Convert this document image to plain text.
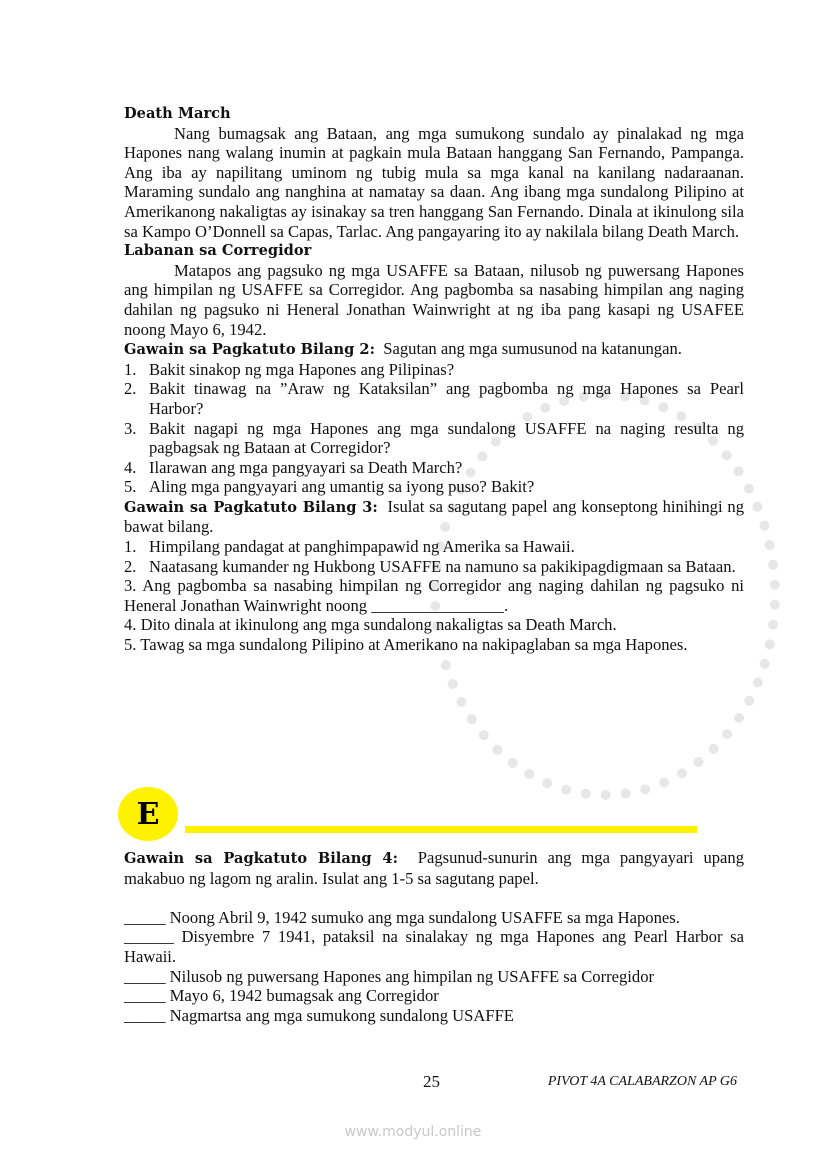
Death March

Nang bumagsak ang Bataan, ang mga sumukong sundalo ay pinalakad ng mga Hapones nang walang inumin at pagkain mula Bataan hanggang San Fernando, Pampanga. Ang iba ay napilitang uminom ng tubig mula sa mga kanal na kanilang nadaraanan. Maraming sundalo ang nanghina at namatay sa daan. Ang ibang mga sundalong Pilipino at Amerikanong nakaligtas ay isinakay sa tren hanggang San Fernando. Dinala at ikinulong sila sa Kampo O’Donnell sa Capas, Tarlac. Ang pangayaring ito ay nakilala bilang Death March.

Labanan sa Corregidor

Matapos ang pagsuko ng mga USAFFE sa Bataan, nilusob ng puwersang Hapones ang himpilan ng USAFFE sa Corregidor. Ang pagbomba sa nasabing himpilan ang naging dahilan ng pagsuko ni Heneral Jonathan Wainwright at ng iba pang kasapi ng USAFEE noong Mayo 6, 1942.

Gawain sa Pagkatuto Bilang 2: Sagutan ang mga sumusunod na katanungan.

1. Bakit sinakop ng mga Hapones ang Pilipinas?
2. Bakit tinawag na ”Araw ng Kataksilan” ang pagbomba ng mga Hapones sa Pearl Harbor?
3. Bakit nagapi ng mga Hapones ang mga sundalong USAFFE na naging resulta ng pagbagsak ng Bataan at Corregidor?
4. Ilarawan ang mga pangyayari sa Death March?
5. Aling mga pangyayari ang umantig sa iyong puso? Bakit?

Gawain sa Pagkatuto Bilang 3: Isulat sa sagutang papel ang konseptong hinihingi ng bawat bilang.

1. Himpilang pandagat at panghimpapawid ng Amerika sa Hawaii.
2. Naatasang kumander ng Hukbong USAFFE na namuno sa pakikipagdigmaan sa Bataan.

3. Ang pagbomba sa nasabing himpilan ng Corregidor ang naging dahilan ng pagsuko ni Heneral Jonathan Wainwright noong ________________.

4. Dito dinala at ikinulong ang mga sundalong nakaligtas sa Death March.

5. Tawag sa mga sundalong Pilipino at Amerikano na nakipaglaban sa mga Hapones.

E

Gawain sa Pagkatuto Bilang 4: Pagsunud-sunurin ang mga pangyayari upang makabuo ng lagom ng aralin. Isulat ang 1-5 sa sagutang papel.

_____ Noong Abril 9, 1942 sumuko ang mga sundalong USAFFE sa mga Hapones.

______ Disyembre 7 1941, pataksil na sinalakay ng mga Hapones ang Pearl Harbor sa Hawaii.

_____ Nilusob ng puwersang Hapones ang himpilan ng USAFFE sa Corregidor

_____ Mayo 6, 1942 bumagsak ang Corregidor

_____ Nagmartsa ang mga sumukong sundalong USAFFE

25	PIVOT 4A CALABARZON AP G6
www.modyul.online
